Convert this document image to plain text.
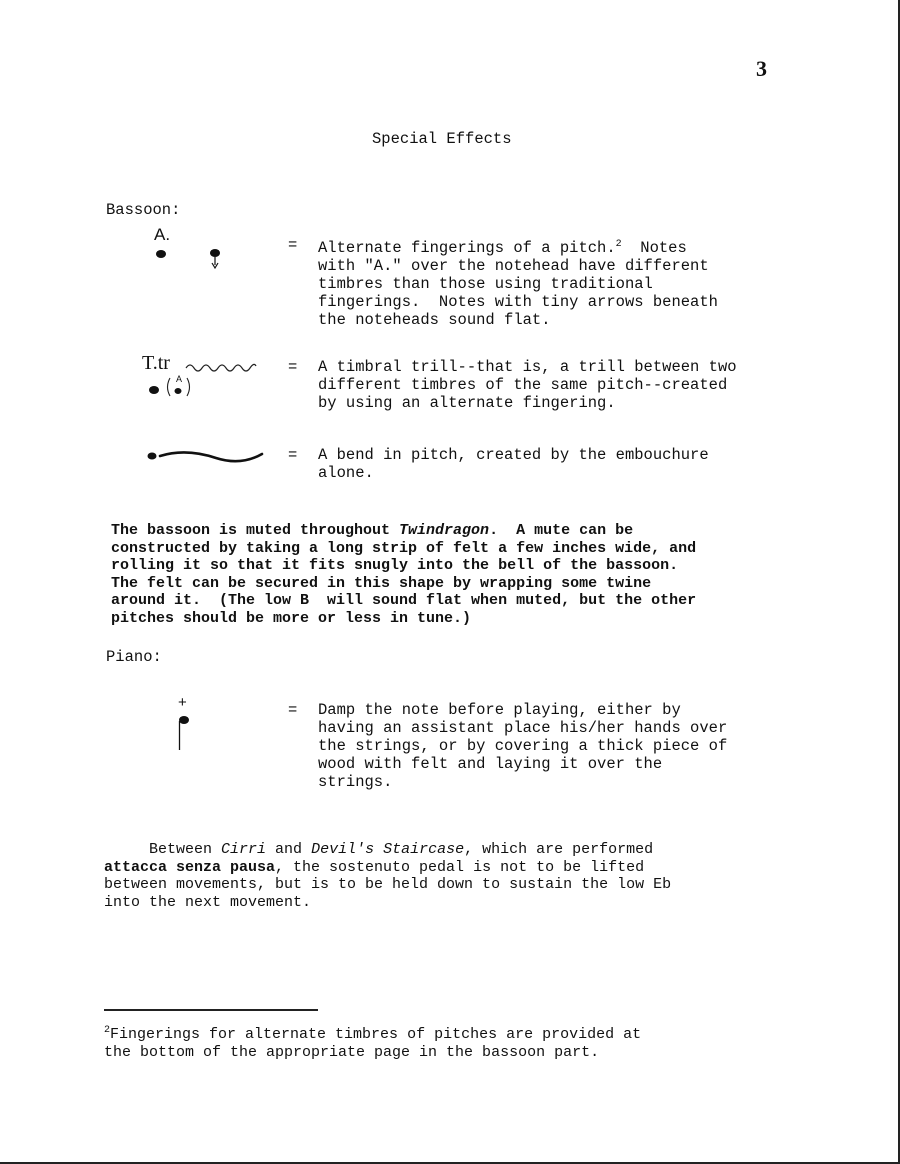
3
Special Effects
Bassoon:
A.
= Alternate fingerings of a pitch.$^2$  Notes
with "A." over the notehead have different
timbres than those using traditional
fingerings.  Notes with tiny arrows beneath
the noteheads sound flat.
T.tr
A
= A timbral trill--that is, a trill between two
different timbres of the same pitch--created
by using an alternate fingering.
= A bend in pitch, created by the embouchure
alone.
The bassoon is muted throughout Twindragon.  A mute can be
constructed by taking a long strip of felt a few inches wide, and
rolling it so that it fits snugly into the bell of the bassoon.
The felt can be secured in this shape by wrapping some twine
around it.  (The low B  will sound flat when muted, but the other
pitches should be more or less in tune.)
Piano:
+	= Damp the note before playing, either by
having an assistant place his/her hands over
the strings, or by covering a thick piece of
wood with felt and laying it over the
strings.
Between Cirri and Devil's Staircase, which are performed
attacca senza pausa, the sostenuto pedal is not to be lifted
between movements, but is to be held down to sustain the low Eb
into the next movement.
$^2$Fingerings for alternate timbres of pitches are provided at
the bottom of the appropriate page in the bassoon part.
